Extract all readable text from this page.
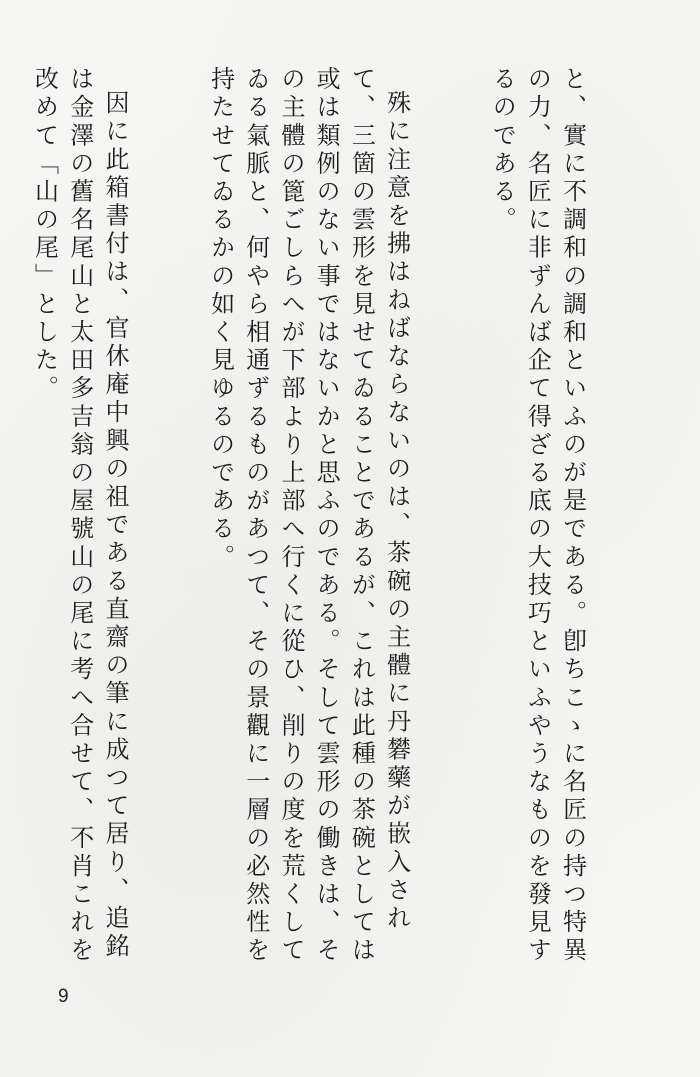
と、實に不調和の調和といふのが是である。卽ちこゝに名匠の持つ特異の力、名匠に非ずんば企て得ざる底の大技巧といふやうなものを發見するのである。

殊に注意を拂はねばならないのは、茶碗の主體に丹礬藥が嵌入されて、三箇の雲形を見せてゐることであるが、これは此種の茶碗としては或は類例のない事ではないかと思ふのである。そして雲形の働きは、その主體の篦ごしらへが下部より上部へ行くに從ひ、削りの度を荒くしてゐる氣脈と、何やら相通ずるものがあつて、その景觀に一層の必然性を持たせてゐるかの如く見ゆるのである。

因に此箱書付は、官休庵中興の祖である直齋の筆に成つて居り、追銘は金澤の舊名尾山と太田多吉翁の屋號山の尾に考へ合せて、不肖これを改めて「山の尾」とした。

9
